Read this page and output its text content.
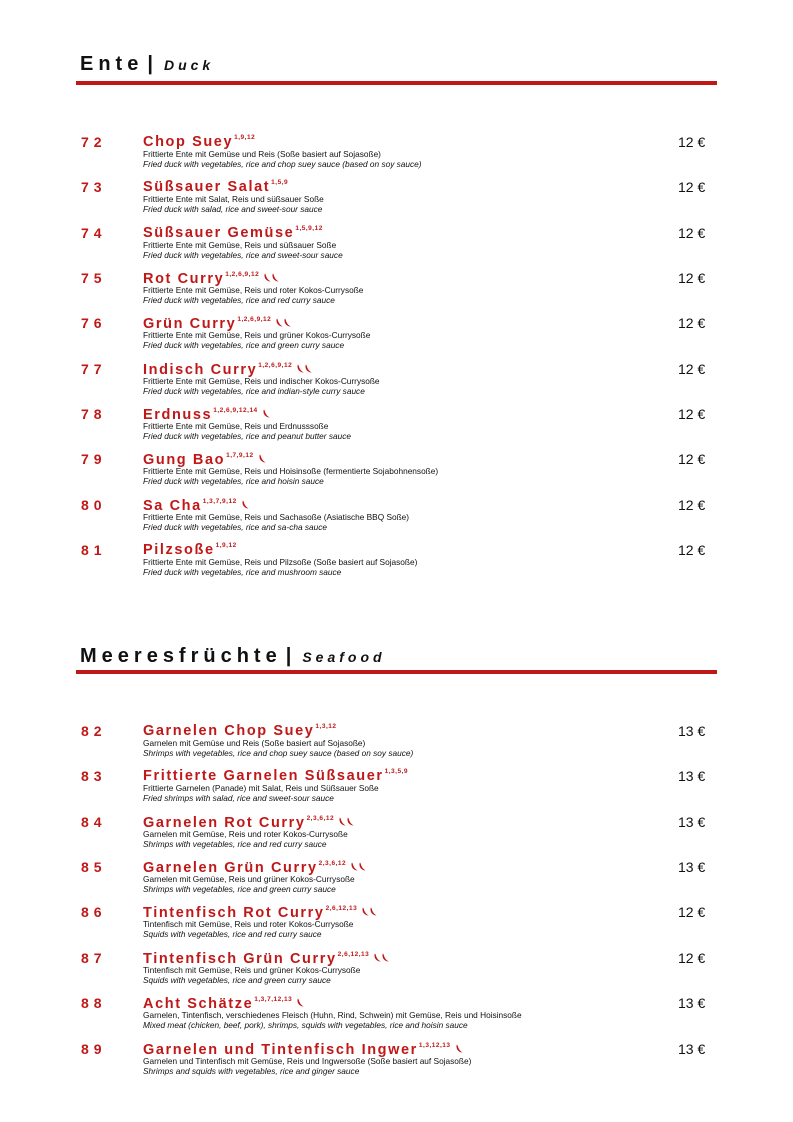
Ente | Duck
72	Chop Suey$^{1,9,12}$
Frittierte Ente mit Gemüse und Reis (Soße basiert auf Sojasoße)
Fried duck with vegetables, rice and chop suey sauce (based on soy sauce)
12 €
73	Süßsauer Salat$^{1,5,9}$
Frittierte Ente mit Salat, Reis und süßsauer Soße
Fried duck with salad, rice and sweet-sour sauce
12 €
74	Süßsauer Gemüse$^{1,5,9,12}$
Frittierte Ente mit Gemüse, Reis und süßsauer Soße
Fried duck with vegetables, rice and sweet-sour sauce
12 €
75	Rot Curry$^{1,2,6,9,12}$
Frittierte Ente mit Gemüse, Reis und roter Kokos-Currysoße
Fried duck with vegetables, rice and red curry sauce
12 €
76	Grün Curry$^{1,2,6,9,12}$
Frittierte Ente mit Gemüse, Reis und grüner Kokos-Currysoße
Fried duck with vegetables, rice and green curry sauce
12 €
77	Indisch Curry$^{1,2,6,9,12}$
Frittierte Ente mit Gemüse, Reis und indischer Kokos-Currysoße
Fried duck with vegetables, rice and indian-style curry sauce
12 €
78	Erdnuss$^{1,2,6,9,12,14}$
Frittierte Ente mit Gemüse, Reis und Erdnusssoße
Fried duck with vegetables, rice and peanut butter sauce
12 €
79	Gung Bao$^{1,7,9,12}$
Frittierte Ente mit Gemüse, Reis und Hoisinsoße (fermentierte Sojabohnensoße)
Fried duck with vegetables, rice and hoisin sauce
12 €
80	Sa Cha$^{1,3,7,9,12}$
Frittierte Ente mit Gemüse, Reis und Sachasoße (Asiatische BBQ Soße)
Fried duck with vegetables, rice and sa-cha sauce
12 €
81	Pilzsoße$^{1,9,12}$
Frittierte Ente mit Gemüse, Reis und Pilzsoße (Soße basiert auf Sojasoße)
Fried duck with vegetables, rice and mushroom sauce
12 €
Meeresfrüchte | Seafood
82	Garnelen Chop Suey$^{1,3,12}$
Garnelen mit Gemüse und Reis (Soße basiert auf Sojasoße)
Shrimps with vegetables, rice and chop suey sauce (based on soy sauce)
13 €
83	Frittierte Garnelen Süßsauer$^{1,3,5,9}$
Frittierte Garnelen (Panade) mit Salat, Reis und Süßsauer Soße
Fried shrimps with salad, rice and sweet-sour sauce
13 €
84	Garnelen Rot Curry$^{2,3,6,12}$
Garnelen mit Gemüse, Reis und roter Kokos-Currysoße
Shrimps with vegetables, rice and red curry sauce
13 €
85	Garnelen Grün Curry$^{2,3,6,12}$
Garnelen mit Gemüse, Reis und grüner Kokos-Currysoße
Shrimps with vegetables, rice and green curry sauce
13 €
86	Tintenfisch Rot Curry$^{2,6,12,13}$
Tintenfisch mit Gemüse, Reis und roter Kokos-Currysoße
Squids with vegetables, rice and red curry sauce
12 €
87	Tintenfisch Grün Curry$^{2,6,12,13}$
Tintenfisch mit Gemüse, Reis und grüner Kokos-Currysoße
Squids with vegetables, rice and green curry sauce
12 €
88	Acht Schätze$^{1,3,7,12,13}$
Garnelen, Tintenfisch, verschiedenes Fleisch (Huhn, Rind, Schwein) mit Gemüse, Reis und Hoisinsoße
Mixed meat (chicken, beef, pork), shrimps, squids with vegetables, rice and hoisin sauce
13 €
89	Garnelen und Tintenfisch Ingwer$^{1,3,12,13}$
Garnelen und Tintenfisch mit Gemüse, Reis und Ingwersoße (Soße basiert auf Sojasoße)
Shrimps and squids with vegetables, rice and ginger sauce
13 €
